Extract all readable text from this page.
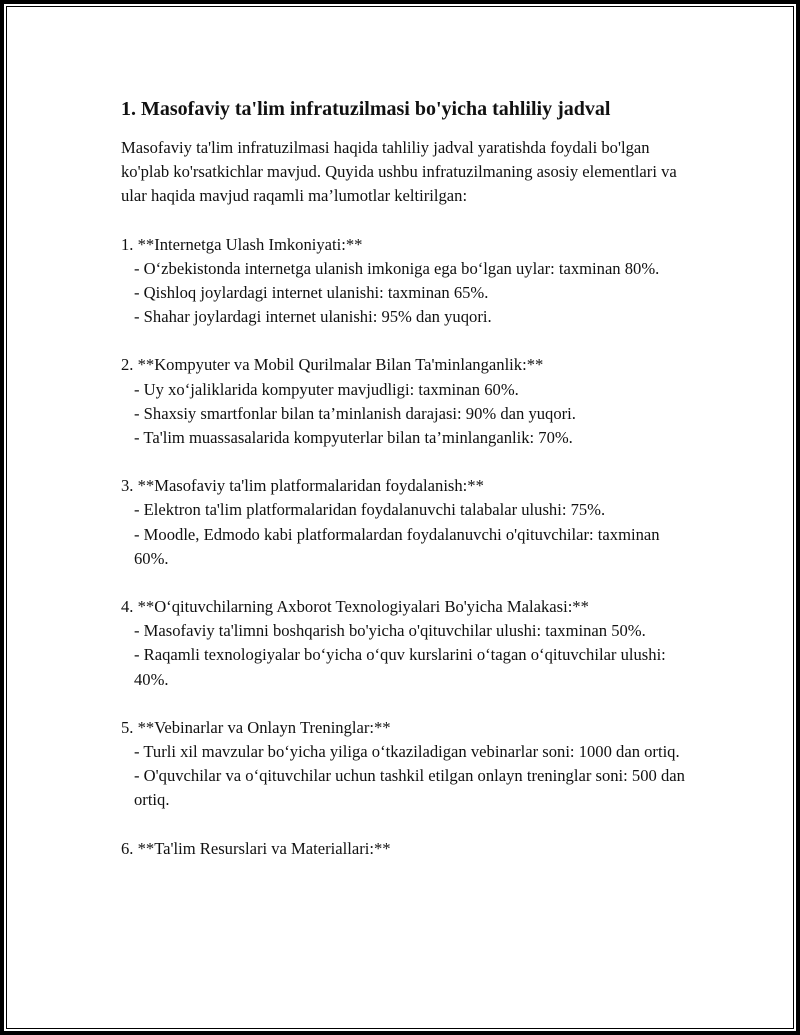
1. Masofaviy ta'lim infratuzilmasi bo'yicha tahliliy jadval

Masofaviy ta'lim infratuzilmasi haqida tahliliy jadval yaratishda foydali bo'lgan ko'plab ko'rsatkichlar mavjud. Quyida ushbu infratuzilmaning asosiy elementlari va ular haqida mavjud raqamli ma’lumotlar keltirilgan:

1. **Internetga Ulash Imkoniyati:**

- O‘zbekistonda internetga ulanish imkoniga ega bo‘lgan uylar: taxminan 80%.

- Qishloq joylardagi internet ulanishi: taxminan 65%.

- Shahar joylardagi internet ulanishi: 95% dan yuqori.

2. **Kompyuter va Mobil Qurilmalar Bilan Ta'minlanganlik:**

- Uy xo‘jaliklarida kompyuter mavjudligi: taxminan 60%.

- Shaxsiy smartfonlar bilan ta’minlanish darajasi: 90% dan yuqori.

- Ta'lim muassasalarida kompyuterlar bilan ta’minlanganlik: 70%.

3. **Masofaviy ta'lim platformalaridan foydalanish:**

- Elektron ta'lim platformalaridan foydalanuvchi talabalar ulushi: 75%.

- Moodle, Edmodo kabi platformalardan foydalanuvchi o'qituvchilar: taxminan 60%.

4. **O‘qituvchilarning Axborot Texnologiyalari Bo'yicha Malakasi:**

- Masofaviy ta'limni boshqarish bo'yicha o'qituvchilar ulushi: taxminan 50%.

- Raqamli texnologiyalar bo‘yicha o‘quv kurslarini o‘tagan o‘qituvchilar ulushi: 40%.

5. **Vebinarlar va Onlayn Treninglar:**

- Turli xil mavzular bo‘yicha yiliga o‘tkaziladigan vebinarlar soni: 1000 dan ortiq.

- O'quvchilar va o‘qituvchilar uchun tashkil etilgan onlayn treninglar soni: 500 dan ortiq.

6. **Ta'lim Resurslari va Materiallari:**
